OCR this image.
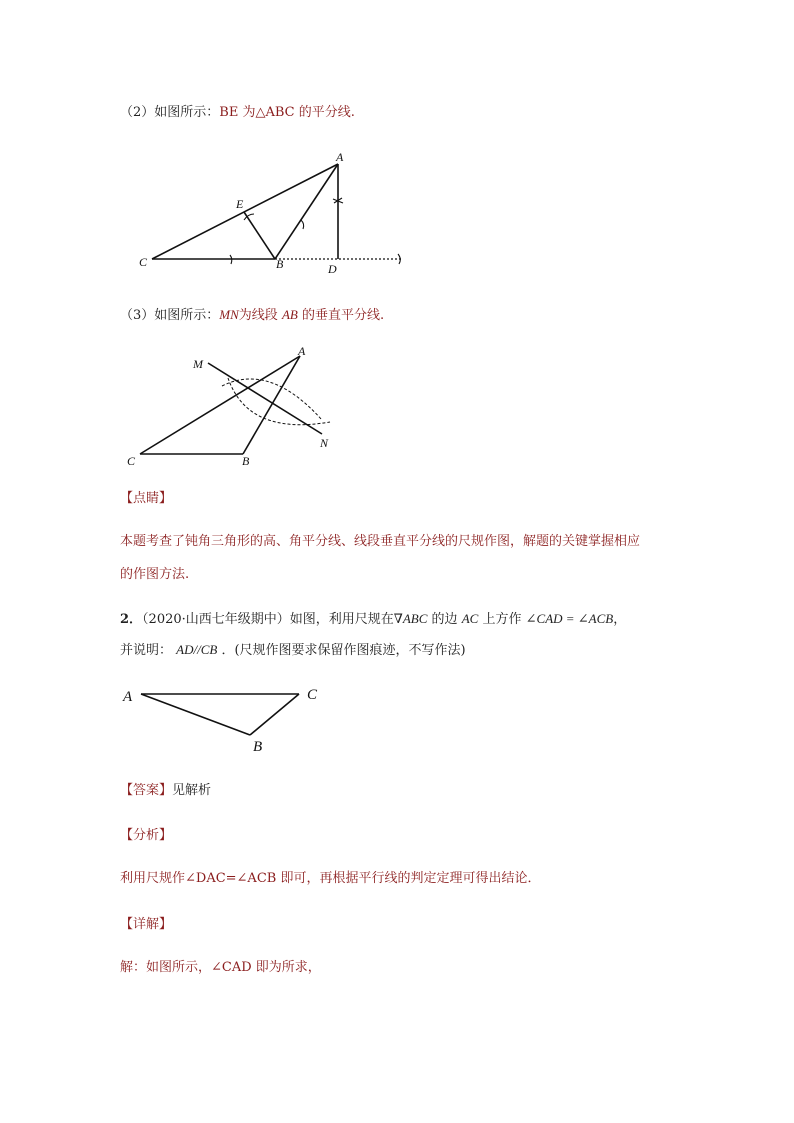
（2）如图所示：BE 为△ABC 的平分线.
A
E
C	B	D
（3）如图所示：MN为线段 AB 的垂直平分线.
M
A
N
C	B
【点睛】
本题考查了钝角三角形的高、角平分线、线段垂直平分线的尺规作图，解题的关键掌握相应
的作图方法.
2．（2020·山西七年级期中）如图，利用尺规在∇ABC 的边 AC 上方作 ∠CAD = ∠ACB，
并说明： AD//CB ．(尺规作图要求保留作图痕迹，不写作法)
A	C
B
【答案】见解析
【分析】
利用尺规作∠DAC=∠ACB 即可，再根据平行线的判定定理可得出结论．
【详解】
解：如图所示，∠CAD 即为所求，
